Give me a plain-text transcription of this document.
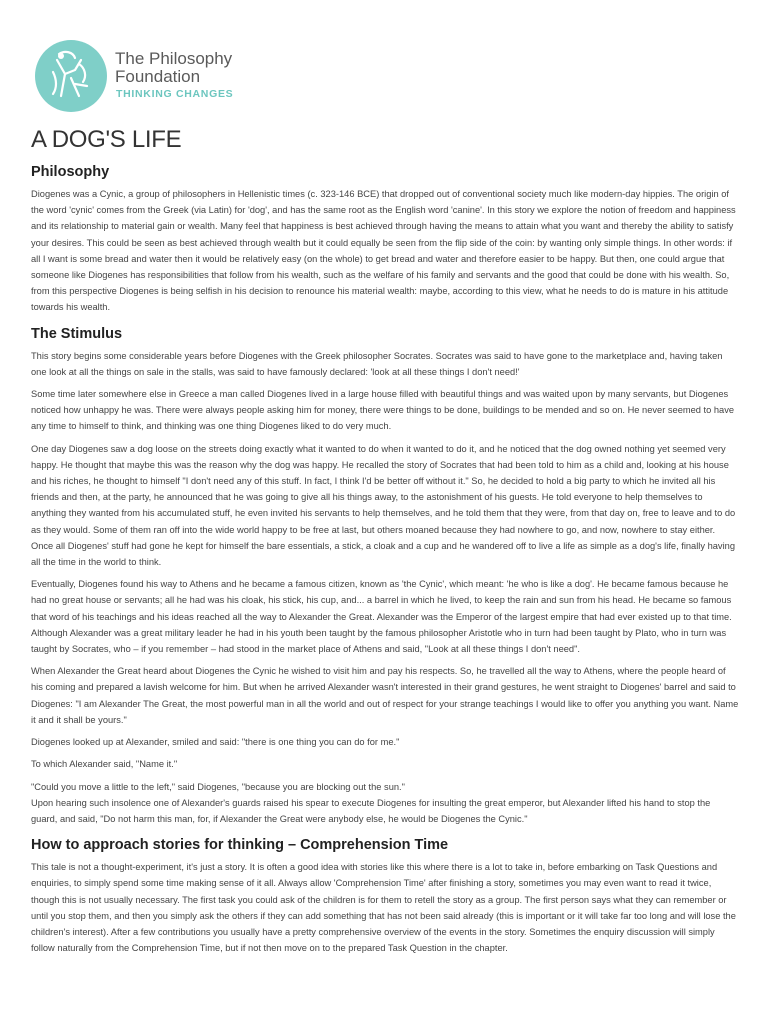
The Philosophy
Foundation
THINKING CHANGES
A DOG'S LIFE
Philosophy

Diogenes was a Cynic, a group of philosophers in Hellenistic times (c. 323-146 BCE) that dropped out of conventional society much like modern-day hippies. The origin of the word 'cynic' comes from the Greek (via Latin) for 'dog', and has the same root as the English word 'canine'. In this story we explore the notion of freedom and happiness and its relationship to material gain or wealth. Many feel that happiness is best achieved through having the means to attain what you want and thereby the ability to satisfy your desires. This could be seen as best achieved through wealth but it could equally be seen from the flip side of the coin: by wanting only simple things. In other words: if all I want is some bread and water then it would be relatively easy (on the whole) to get bread and water and therefore easier to be happy. But then, one could argue that someone like Diogenes has responsibilities that follow from his wealth, such as the welfare of his family and servants and the good that could be done with his wealth. So, from this perspective Diogenes is being selfish in his decision to renounce his material wealth: maybe, according to this view, what he needs to do is mature in his attitude towards his wealth.

The Stimulus

This story begins some considerable years before Diogenes with the Greek philosopher Socrates. Socrates was said to have gone to the marketplace and, having taken one look at all the things on sale in the stalls, was said to have famously declared: 'look at all these things I don't need!'

Some time later somewhere else in Greece a man called Diogenes lived in a large house filled with beautiful things and was waited upon by many servants, but Diogenes noticed how unhappy he was. There were always people asking him for money, there were things to be done, buildings to be mended and so on. He never seemed to have any time to himself to think, and thinking was one thing Diogenes liked to do very much.

One day Diogenes saw a dog loose on the streets doing exactly what it wanted to do when it wanted to do it, and he noticed that the dog owned nothing yet seemed very happy. He thought that maybe this was the reason why the dog was happy. He recalled the story of Socrates that had been told to him as a child and, looking at his house and his riches, he thought to himself "I don't need any of this stuff. In fact, I think I'd be better off without it." So, he decided to hold a big party to which he invited all his friends and then, at the party, he announced that he was going to give all his things away, to the astonishment of his guests. He told everyone to help themselves to anything they wanted from his accumulated stuff, he even invited his servants to help themselves, and he told them that they were, from that day on, free to leave and to do as they would. Some of them ran off into the wide world happy to be free at last, but others moaned because they had nowhere to go, and now, nowhere to stay either. Once all Diogenes' stuff had gone he kept for himself the bare essentials, a stick, a cloak and a cup and he wandered off to live a life as simple as a dog's life, finally having all the time in the world to think.

Eventually, Diogenes found his way to Athens and he became a famous citizen, known as 'the Cynic', which meant: 'he who is like a dog'. He became famous because he had no great house or servants; all he had was his cloak, his stick, his cup, and... a barrel in which he lived, to keep the rain and sun from his head. He became so famous that word of his teachings and his ideas reached all the way to Alexander the Great. Alexander was the Emperor of the largest empire that had ever existed up to that time. Although Alexander was a great military leader he had in his youth been taught by the famous philosopher Aristotle who in turn had been taught by Plato, who in turn was taught by Socrates, who – if you remember – had stood in the market place of Athens and said, "Look at all these things I don't need".

When Alexander the Great heard about Diogenes the Cynic he wished to visit him and pay his respects. So, he travelled all the way to Athens, where the people heard of his coming and prepared a lavish welcome for him. But when he arrived Alexander wasn't interested in their grand gestures, he went straight to Diogenes' barrel and said to Diogenes: "I am Alexander The Great, the most powerful man in all the world and out of respect for your strange teachings I would like to offer you anything you want. Name it and it shall be yours."

Diogenes looked up at Alexander, smiled and said: "there is one thing you can do for me."

To which Alexander said, "Name it."

"Could you move a little to the left," said Diogenes, "because you are blocking out the sun."
Upon hearing such insolence one of Alexander's guards raised his spear to execute Diogenes for insulting the great emperor, but Alexander lifted his hand to stop the guard, and said, "Do not harm this man, for, if Alexander the Great were anybody else, he would be Diogenes the Cynic."

How to approach stories for thinking – Comprehension Time

This tale is not a thought-experiment, it's just a story. It is often a good idea with stories like this where there is a lot to take in, before embarking on Task Questions and enquiries, to simply spend some time making sense of it all. Always allow 'Comprehension Time' after finishing a story, sometimes you may even want to read it twice, though this is not usually necessary. The first task you could ask of the children is for them to retell the story as a group. The first person says what they can remember or until you stop them, and then you simply ask the others if they can add something that has not been said already (this is important or it will take far too long and will lose the children's interest). After a few contributions you usually have a pretty comprehensive overview of the events in the story. Sometimes the enquiry discussion will simply follow naturally from the Comprehension Time, but if not then move on to the prepared Task Question in the chapter.
